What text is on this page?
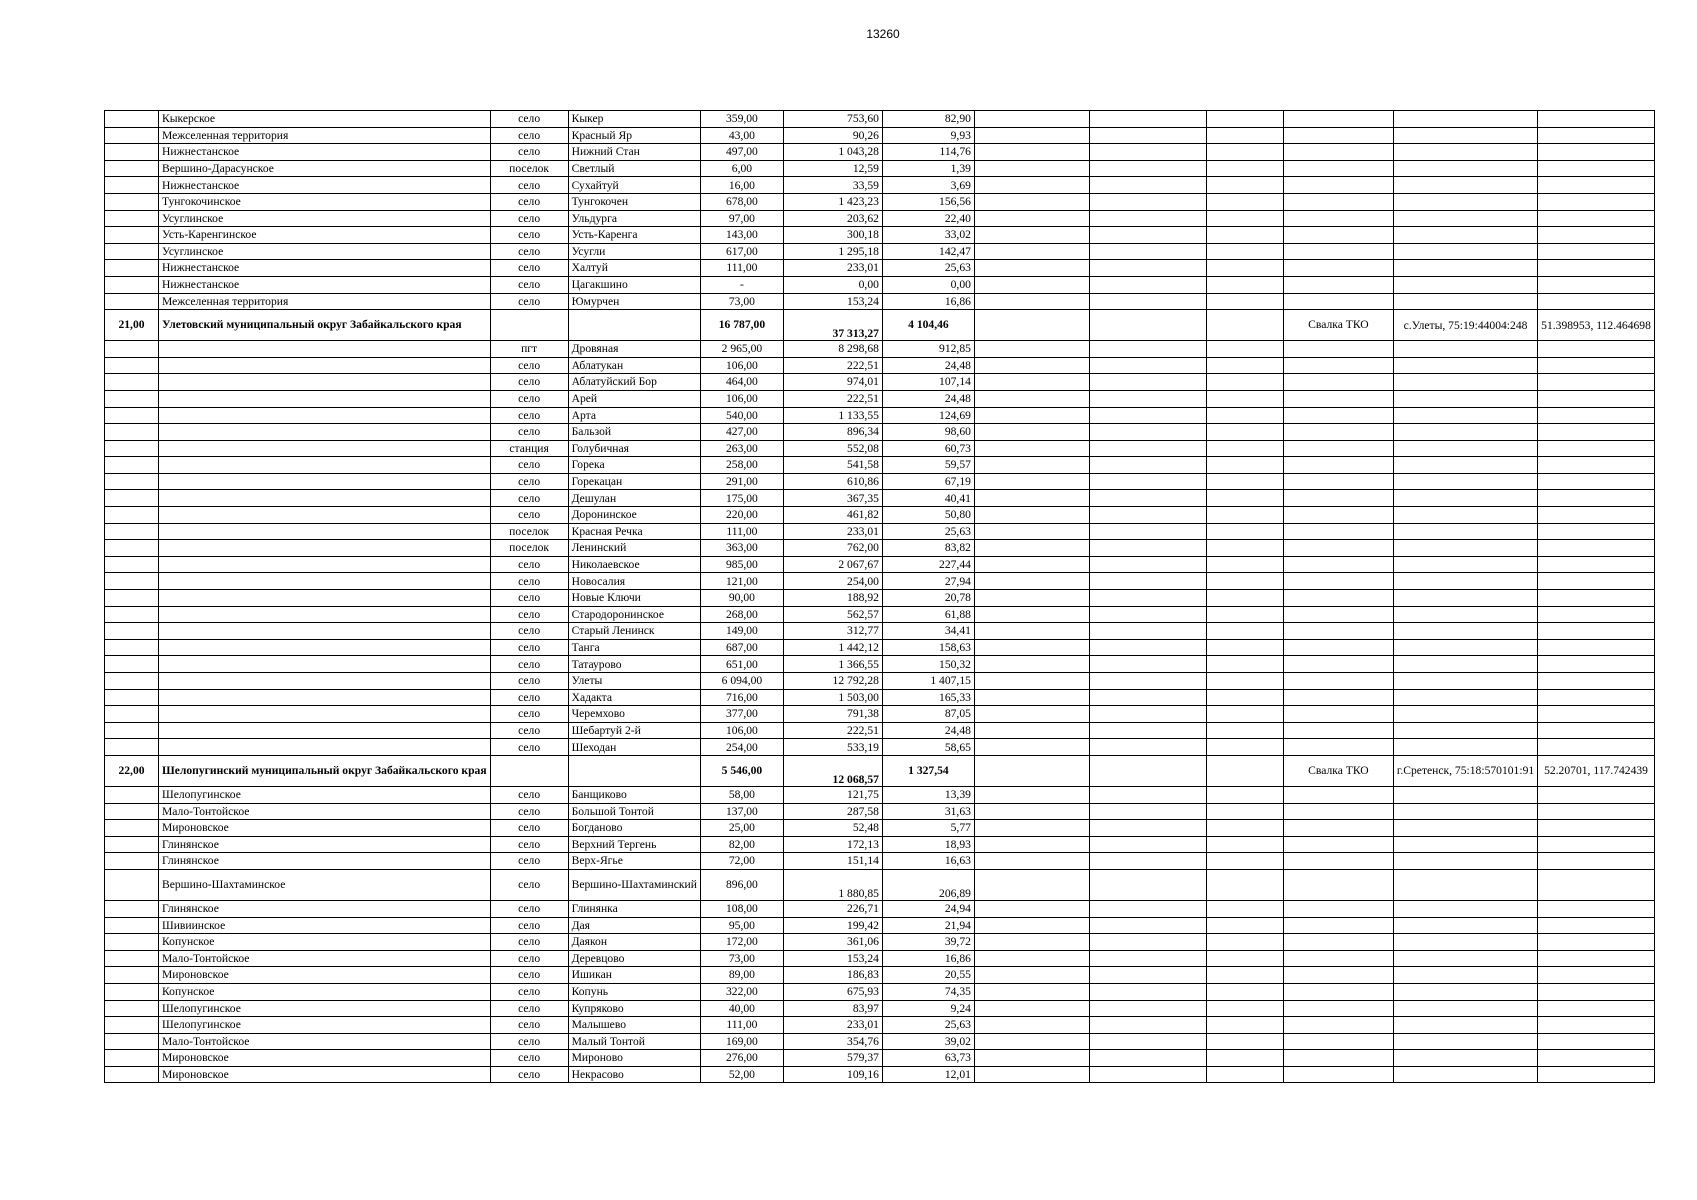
13260
	Кыкерское	село	Кыкер	359,00	753,60	82,90						
	Межселенная территория	село	Красный Яр	43,00	90,26	9,93						
	Нижнестанское	село	Нижний Стан	497,00	1 043,28	114,76						
	Вершино-Дарасунское	поселок	Светлый	6,00	12,59	1,39						
	Нижнестанское	село	Сухайтуй	16,00	33,59	3,69						
	Тунгокочинское	село	Тунгокочен	678,00	1 423,23	156,56						
	Усуглинское	село	Ульдурга	97,00	203,62	22,40						
	Усть-Каренгинское	село	Усть-Каренга	143,00	300,18	33,02						
	Усуглинское	село	Усугли	617,00	1 295,18	142,47						
	Нижнестанское	село	Халтуй	111,00	233,01	25,63						
	Нижнестанское	село	Цагакшино	-	0,00	0,00						
	Межселенная территория	село	Юмурчен	73,00	153,24	16,86						
21,00	Улетовский муниципальный округ Забайкальского края			16 787,00	37 313,27	4 104,46				Свалка ТКО	с.Улеты, 75:19:44004:248	51.398953, 112.464698
		пгт	Дровяная	2 965,00	8 298,68	912,85						
		село	Аблатукан	106,00	222,51	24,48						
		село	Аблатуйский Бор	464,00	974,01	107,14						
		село	Арей	106,00	222,51	24,48						
		село	Арта	540,00	1 133,55	124,69						
		село	Бальзой	427,00	896,34	98,60						
		станция	Голубичная	263,00	552,08	60,73						
		село	Горека	258,00	541,58	59,57						
		село	Горекацан	291,00	610,86	67,19						
		село	Дешулан	175,00	367,35	40,41						
		село	Доронинское	220,00	461,82	50,80						
		поселок	Красная Речка	111,00	233,01	25,63						
		поселок	Ленинский	363,00	762,00	83,82						
		село	Николаевское	985,00	2 067,67	227,44						
		село	Новосалия	121,00	254,00	27,94						
		село	Новые Ключи	90,00	188,92	20,78						
		село	Стародоронинское	268,00	562,57	61,88						
		село	Старый Ленинск	149,00	312,77	34,41						
		село	Танга	687,00	1 442,12	158,63						
		село	Татаурово	651,00	1 366,55	150,32						
		село	Улеты	6 094,00	12 792,28	1 407,15						
		село	Хадакта	716,00	1 503,00	165,33						
		село	Черемхово	377,00	791,38	87,05						
		село	Шебартуй 2-й	106,00	222,51	24,48						
		село	Шеходан	254,00	533,19	58,65						
22,00	Шелопугинский муниципальный округ Забайкальского края			5 546,00	12 068,57	1 327,54				Свалка ТКО	г.Сретенск, 75:18:570101:91	52.20701, 117.742439
	Шелопугинское	село	Банщиково	58,00	121,75	13,39						
	Мало-Тонтойское	село	Большой Тонтой	137,00	287,58	31,63						
	Мироновское	село	Богданово	25,00	52,48	5,77						
	Глинянское	село	Верхний Тергень	82,00	172,13	18,93						
	Глинянское	село	Верх-Ягье	72,00	151,14	16,63						
	Вершино-Шахтаминское	село	Вершино-Шахтаминский	896,00	1 880,85	206,89						
	Глинянское	село	Глинянка	108,00	226,71	24,94						
	Шивиинское	село	Дая	95,00	199,42	21,94						
	Копунское	село	Даякон	172,00	361,06	39,72						
	Мало-Тонтойское	село	Деревцово	73,00	153,24	16,86						
	Мироновское	село	Ишикан	89,00	186,83	20,55						
	Копунское	село	Копунь	322,00	675,93	74,35						
	Шелопугинское	село	Купряково	40,00	83,97	9,24						
	Шелопугинское	село	Малышево	111,00	233,01	25,63						
	Мало-Тонтойское	село	Малый Тонтой	169,00	354,76	39,02						
	Мироновское	село	Мироново	276,00	579,37	63,73						
	Мироновское	село	Некрасово	52,00	109,16	12,01						
